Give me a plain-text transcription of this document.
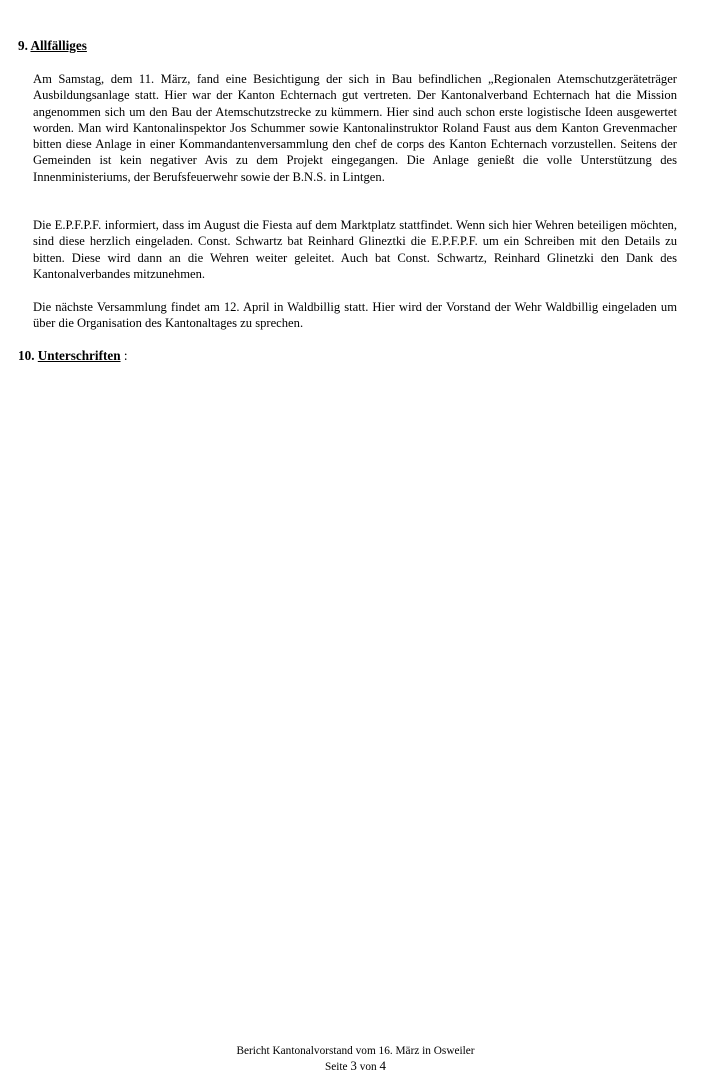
9. Allfälliges

Am Samstag, dem 11. März, fand eine Besichtigung der sich in Bau befindlichen „Regionalen Atemschutzgeräteträger Ausbildungsanlage statt. Hier war der Kanton Echternach gut vertreten. Der Kantonalverband Echternach hat die Mission angenommen sich um den Bau der Atemschutzstrecke zu kümmern. Hier sind auch schon erste logistische Ideen ausgewertet worden. Man wird Kantonalinspektor Jos Schummer sowie Kantonalinstruktor Roland Faust aus dem Kanton Grevenmacher bitten diese Anlage in einer Kommandantenversammlung den chef de corps des Kanton Echternach vorzustellen. Seitens der Gemeinden ist kein negativer Avis zu dem Projekt eingegangen. Die Anlage genießt die volle Unterstützung des Innenministeriums, der Berufsfeuerwehr sowie der B.N.S. in Lintgen.

Die E.P.F.P.F. informiert, dass im August die Fiesta auf dem Marktplatz stattfindet. Wenn sich hier Wehren beteiligen möchten, sind diese herzlich eingeladen. Const. Schwartz bat Reinhard Glineztki die E.P.F.P.F. um ein Schreiben mit den Details zu bitten. Diese wird dann an die Wehren weiter geleitet. Auch bat Const. Schwartz, Reinhard Glinetzki den Dank des Kantonalverbandes mitzunehmen.

Die nächste Versammlung findet am 12. April in Waldbillig statt. Hier wird der Vorstand der Wehr Waldbillig eingeladen um über die Organisation des Kantonaltages zu sprechen.

10. Unterschriften :
Bericht Kantonalvorstand vom 16. März in Osweiler
Seite 3 von 4
